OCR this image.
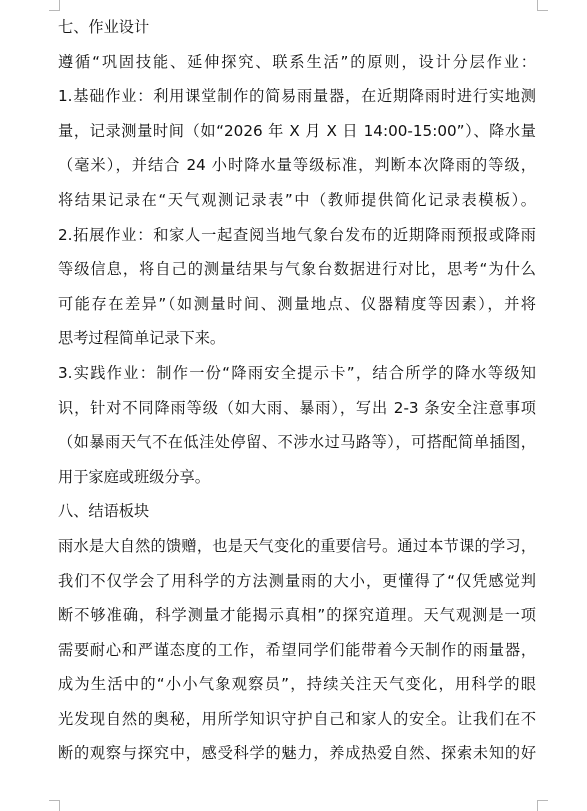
七、作业设计
遵循“巩固技能、延伸探究、联系生活”的原则，设计分层作业：
1.基础作业：利用课堂制作的简易雨量器，在近期降雨时进行实地测
量，记录测量时间（如“2026 年 X 月 X 日 14:00-15:00”）、降水量
（毫米），并结合 24 小时降水量等级标准，判断本次降雨的等级，
将结果记录在“天气观测记录表”中（教师提供简化记录表模板）。
2.拓展作业：和家人一起查阅当地气象台发布的近期降雨预报或降雨
等级信息，将自己的测量结果与气象台数据进行对比，思考“为什么
可能存在差异”（如测量时间、测量地点、仪器精度等因素），并将
思考过程简单记录下来。
3.实践作业：制作一份“降雨安全提示卡”，结合所学的降水等级知
识，针对不同降雨等级（如大雨、暴雨），写出 2-3 条安全注意事项
（如暴雨天气不在低洼处停留、不涉水过马路等），可搭配简单插图，
用于家庭或班级分享。
八、结语板块
雨水是大自然的馈赠，也是天气变化的重要信号。通过本节课的学习，
我们不仅学会了用科学的方法测量雨的大小，更懂得了“仅凭感觉判
断不够准确，科学测量才能揭示真相”的探究道理。天气观测是一项
需要耐心和严谨态度的工作，希望同学们能带着今天制作的雨量器，
成为生活中的“小小气象观察员”，持续关注天气变化，用科学的眼
光发现自然的奥秘，用所学知识守护自己和家人的安全。让我们在不
断的观察与探究中，感受科学的魅力，养成热爱自然、探索未知的好
